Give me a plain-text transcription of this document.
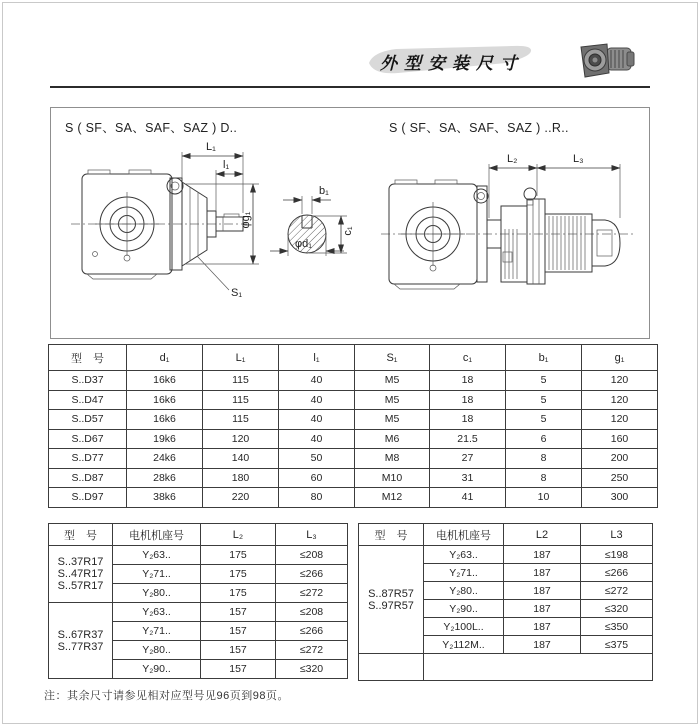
外型安装尺寸
S ( SF、SA、SAF、SAZ ) D..	S ( SF、SA、SAF、SAZ ) ..R..
L₁
l₁
φg₁
S₁
b₁
c₁
φd₁
L₂	L₃
型　号	d₁	L₁	l₁	S₁	c₁	b₁	g₁
S..D37	16k6	115	40	M5	18	5	120
S..D47	16k6	115	40	M5	18	5	120
S..D57	16k6	115	40	M5	18	5	120
S..D67	19k6	120	40	M6	21.5	6	160
S..D77	24k6	140	50	M8	27	8	200
S..D87	28k6	180	60	M10	31	8	250
S..D97	38k6	220	80	M12	41	10	300
型　号	电机机座号	L₂	L₃

S..37R17
S..47R17
S..57R17	Y₂63..	175	≤208
	Y₂71..	175	≤266
	Y₂80..	175	≤272

S..67R37
S..77R37	Y₂63..	157	≤208
	Y₂71..	157	≤266
	Y₂80..	157	≤272
	Y₂90..	157	≤320
型　号	电机机座号	L2	L3

S..87R57
S..97R57	Y₂63..	187	≤198
	Y₂71..	187	≤266
	Y₂80..	187	≤272
	Y₂90..	187	≤320
	Y₂100L..	187	≤350
	Y₂112M..	187	≤375

注：其余尺寸请参见相对应型号见96页到98页。
